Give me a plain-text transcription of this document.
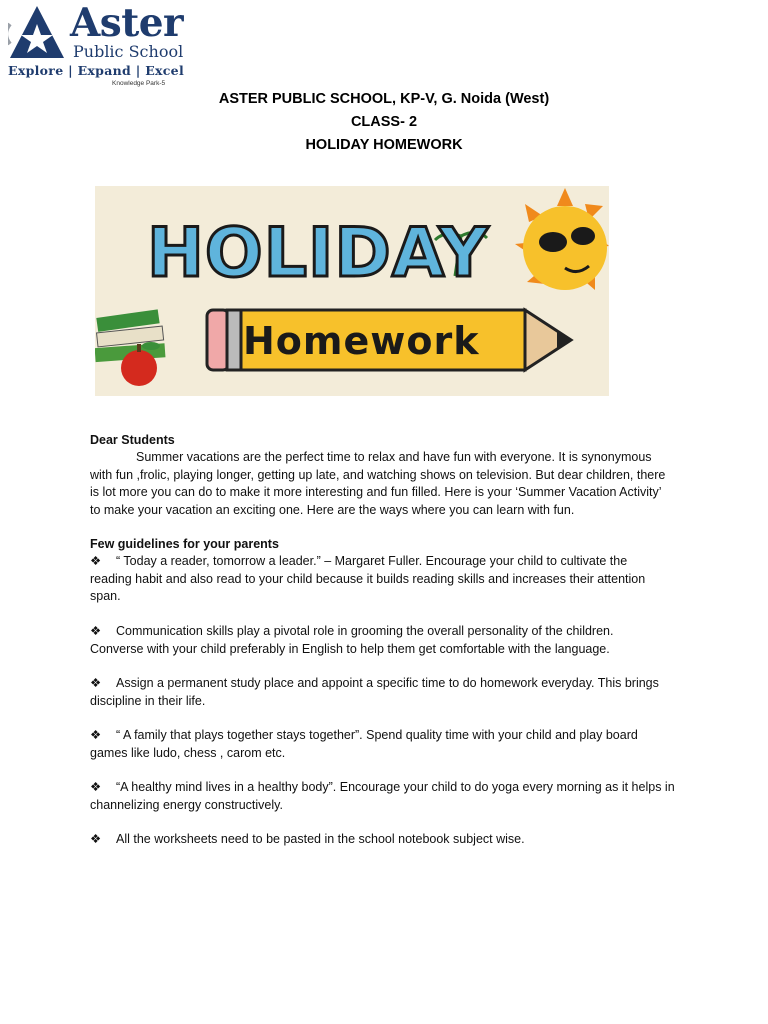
Aster
Public School
Explore | Expand | Excel
Knowledge Park-5
ASTER PUBLIC SCHOOL, KP-V, G. Noida (West)
CLASS- 2
HOLIDAY HOMEWORK
HOLIDAY
Homework
Dear Students
Summer vacations are the perfect time to relax and have fun with everyone. It is synonymous with fun ,frolic, playing longer, getting up late, and watching shows on television. But dear children, there is lot more you can do to make it more interesting and fun filled. Here is your ‘Summer Vacation Activity’ to make your vacation an exciting one. Here are the ways where you can learn with fun.
Few guidelines for your parents
❖ “ Today a reader, tomorrow a leader.” – Margaret Fuller. Encourage your child to cultivate the reading habit and also read to your child because it builds reading skills and increases their attention span.
❖ Communication skills play a pivotal role in grooming the overall personality of the children. Converse with your child preferably in English to help them get comfortable with the language.
❖ Assign a permanent study place and appoint a specific time to do homework everyday. This brings discipline in their life.
❖ “ A family that plays together stays together”. Spend quality time with your child and play board games like ludo, chess , carom etc.
❖ “A healthy mind lives in a healthy body”. Encourage your child to do yoga every morning as it helps in channelizing energy constructively.
❖ All the worksheets need to be pasted in the school notebook subject wise.
